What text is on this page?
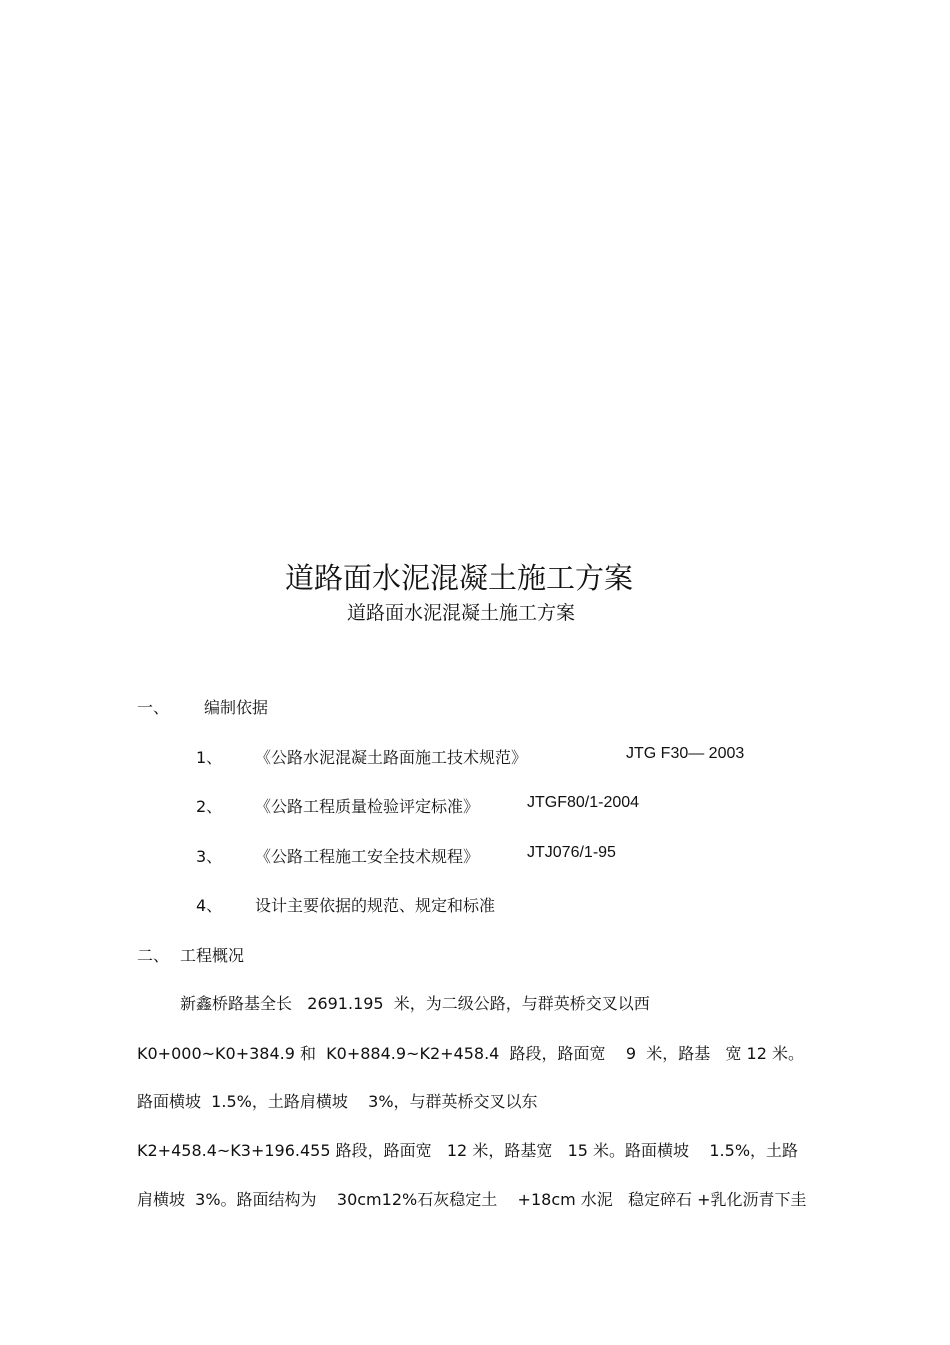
道路面水泥混凝土施工方案
道路面水泥混凝土施工方案
一、 编制依据
1、 《公路水泥混凝土路面施工技术规范》	JTG F30— 2003
2、 《公路工程质量检验评定标准》	JTGF80/1-2004
3、 《公路工程施工安全技术规程》	JTJ076/1-95
4、 设计主要依据的规范、规定和标准
二、 工程概况
新鑫桥路基全长   2691.195  米，为二级公路，与群英桥交叉以西
K0+000~K0+384.9 和  K0+884.9~K2+458.4  路段，路面宽    9  米，路基   宽 12 米。
路面横坡  1.5%，土路肩横坡    3%，与群英桥交叉以东
K2+458.4~K3+196.455 路段，路面宽   12 米，路基宽   15 米。路面横坡    1.5%，土路
肩横坡  3%。路面结构为    30cm12%石灰稳定土    +18cm 水泥   稳定碎石 +乳化沥青下圭
